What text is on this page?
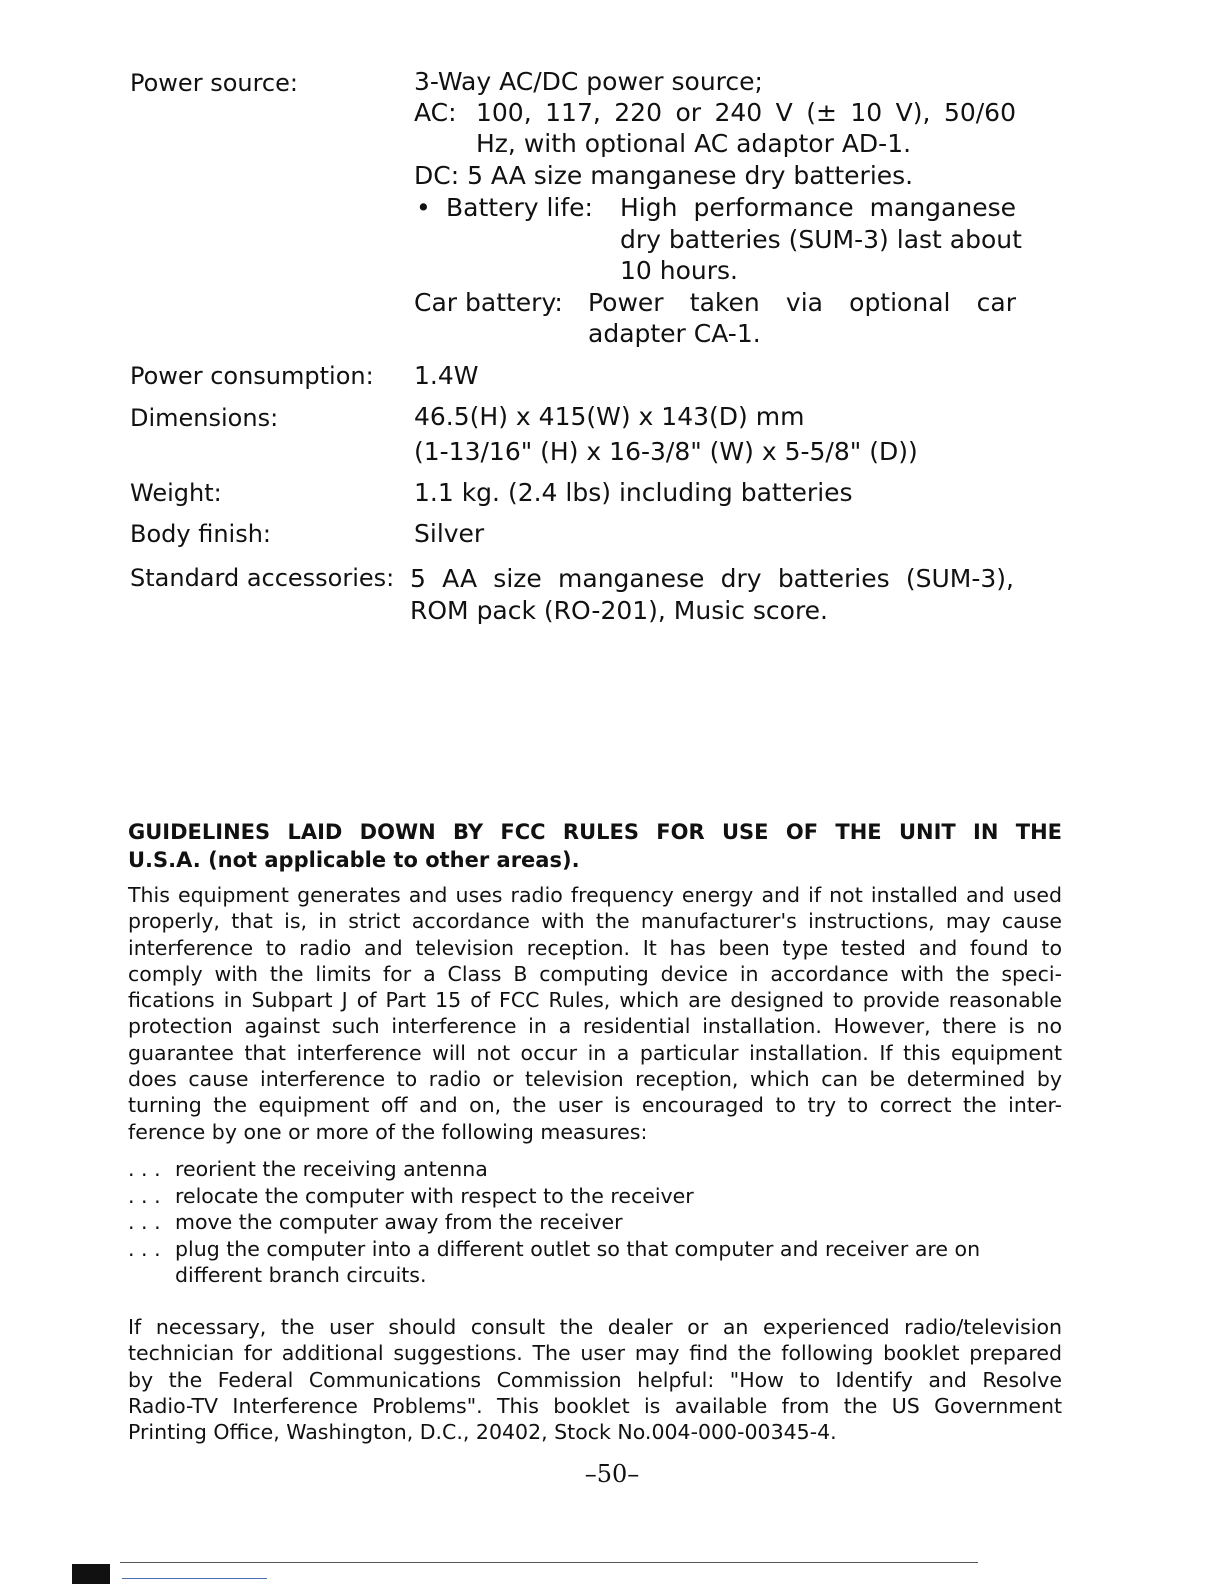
Power source:	3-Way AC/DC power source;
AC: 100, 117, 220 or 240 V (± 10 V), 50/60
Hz, with optional AC adaptor AD-1.
DC: 5 AA size manganese dry batteries.
• Battery life: High performance manganese
dry batteries (SUM-3) last about
10 hours.
Car battery: Power taken via optional car
adapter CA-1.
Power consumption: 1.4W
Dimensions:	46.5(H) x 415(W) x 143(D) mm
(1-13/16" (H) x 16-3/8" (W) x 5-5/8" (D))
Weight:	1.1 kg. (2.4 lbs) including batteries
Body finish:	Silver
Standard accessories: 5 AA size manganese dry batteries (SUM-3),
ROM pack (RO-201), Music score.
GUIDELINES LAID DOWN BY FCC RULES FOR USE OF THE UNIT IN THE
U.S.A. (not applicable to other areas).
This equipment generates and uses radio frequency energy and if not installed and used
properly, that is, in strict accordance with the manufacturer's instructions, may cause
interference to radio and television reception. It has been type tested and found to
comply with the limits for a Class B computing device in accordance with the speci-
fications in Subpart J of Part 15 of FCC Rules, which are designed to provide reasonable
protection against such interference in a residential installation. However, there is no
guarantee that interference will not occur in a particular installation. If this equipment
does cause interference to radio or television reception, which can be determined by
turning the equipment off and on, the user is encouraged to try to correct the inter-
ference by one or more of the following measures:
. . . reorient the receiving antenna
. . . relocate the computer with respect to the receiver
. . . move the computer away from the receiver
. . . plug the computer into a different outlet so that computer and receiver are on different branch circuits.
If necessary, the user should consult the dealer or an experienced radio/television
technician for additional suggestions. The user may find the following booklet prepared
by the Federal Communications Commission helpful: "How to Identify and Resolve
Radio-TV Interference Problems". This booklet is available from the US Government
Printing Office, Washington, D.C., 20402, Stock No.004-000-00345-4.
–50–
